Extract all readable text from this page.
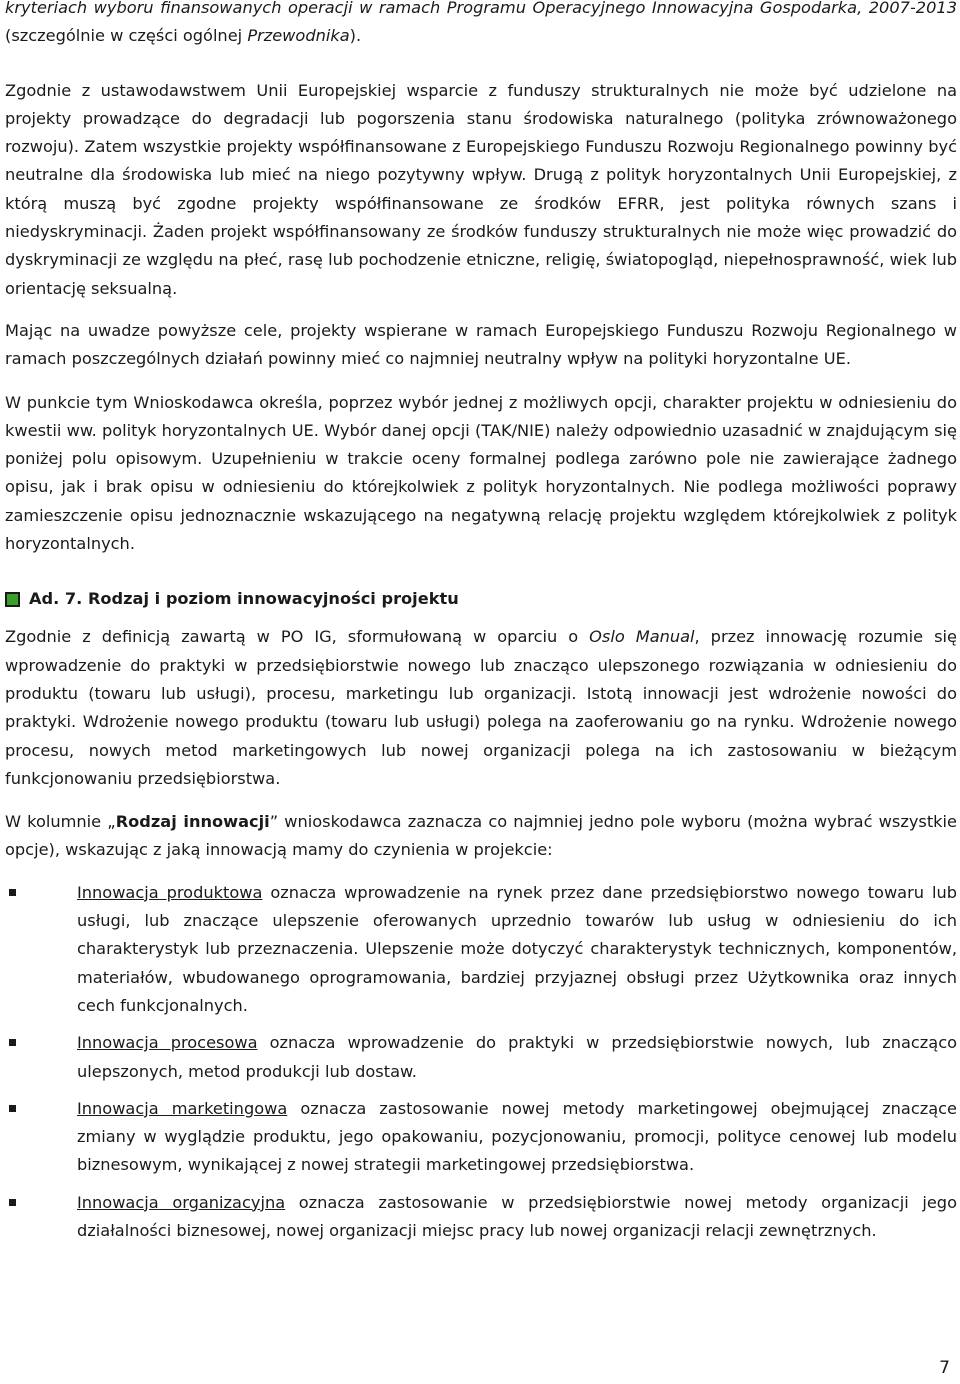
kryteriach wyboru finansowanych operacji w ramach Programu Operacyjnego Innowacyjna Gospodarka, 2007-2013 (szczególnie w części ogólnej Przewodnika).

Zgodnie z ustawodawstwem Unii Europejskiej wsparcie z funduszy strukturalnych nie może być udzielone na projekty prowadzące do degradacji lub pogorszenia stanu środowiska naturalnego (polityka zrównoważonego rozwoju). Zatem wszystkie projekty współfinansowane z Europejskiego Funduszu Rozwoju Regionalnego powinny być neutralne dla środowiska lub mieć na niego pozytywny wpływ. Drugą z polityk horyzontalnych Unii Europejskiej, z którą muszą być zgodne projekty współfinansowane ze środków EFRR, jest polityka równych szans i niedyskryminacji. Żaden projekt współfinansowany ze środków funduszy strukturalnych nie może więc prowadzić do dyskryminacji ze względu na płeć, rasę lub pochodzenie etniczne, religię, światopogląd, niepełnosprawność, wiek lub orientację seksualną.

Mając na uwadze powyższe cele, projekty wspierane w ramach Europejskiego Funduszu Rozwoju Regionalnego w ramach poszczególnych działań powinny mieć co najmniej neutralny wpływ na polityki horyzontalne UE.

W punkcie tym Wnioskodawca określa, poprzez wybór jednej z możliwych opcji, charakter projektu w odniesieniu do kwestii ww. polityk horyzontalnych UE. Wybór danej opcji (TAK/NIE) należy odpowiednio uzasadnić w znajdującym się poniżej polu opisowym. Uzupełnieniu w trakcie oceny formalnej podlega zarówno pole nie zawierające żadnego opisu, jak i brak opisu w odniesieniu do którejkolwiek z polityk horyzontalnych. Nie podlega możliwości poprawy zamieszczenie opisu jednoznacznie wskazującego na negatywną relację projektu względem którejkolwiek z polityk horyzontalnych.

Ad. 7. Rodzaj i poziom innowacyjności projektu

Zgodnie z definicją zawartą w PO IG, sformułowaną w oparciu o Oslo Manual, przez innowację rozumie się wprowadzenie do praktyki w przedsiębiorstwie nowego lub znacząco ulepszonego rozwiązania w odniesieniu do produktu (towaru lub usługi), procesu, marketingu lub organizacji. Istotą innowacji jest wdrożenie nowości do praktyki. Wdrożenie nowego produktu (towaru lub usługi) polega na zaoferowaniu go na rynku. Wdrożenie nowego procesu, nowych metod marketingowych lub nowej organizacji polega na ich zastosowaniu w bieżącym funkcjonowaniu przedsiębiorstwa.

W kolumnie „Rodzaj innowacji” wnioskodawca zaznacza co najmniej jedno pole wyboru (można wybrać wszystkie opcje), wskazując z jaką innowacją mamy do czynienia w projekcie:

Innowacja produktowa oznacza wprowadzenie na rynek przez dane przedsiębiorstwo nowego towaru lub usługi, lub znaczące ulepszenie oferowanych uprzednio towarów lub usług w odniesieniu do ich charakterystyk lub przeznaczenia. Ulepszenie może dotyczyć charakterystyk technicznych, komponentów, materiałów, wbudowanego oprogramowania, bardziej przyjaznej obsługi przez Użytkownika oraz innych cech funkcjonalnych.
Innowacja procesowa oznacza wprowadzenie do praktyki w przedsiębiorstwie nowych, lub znacząco ulepszonych, metod produkcji lub dostaw.
Innowacja marketingowa oznacza zastosowanie nowej metody marketingowej obejmującej znaczące zmiany w wyglądzie produktu, jego opakowaniu, pozycjonowaniu, promocji, polityce cenowej lub modelu biznesowym, wynikającej z nowej strategii marketingowej przedsiębiorstwa.
Innowacja organizacyjna oznacza zastosowanie w przedsiębiorstwie nowej metody organizacji jego działalności biznesowej, nowej organizacji miejsc pracy lub nowej organizacji relacji zewnętrznych.
7
